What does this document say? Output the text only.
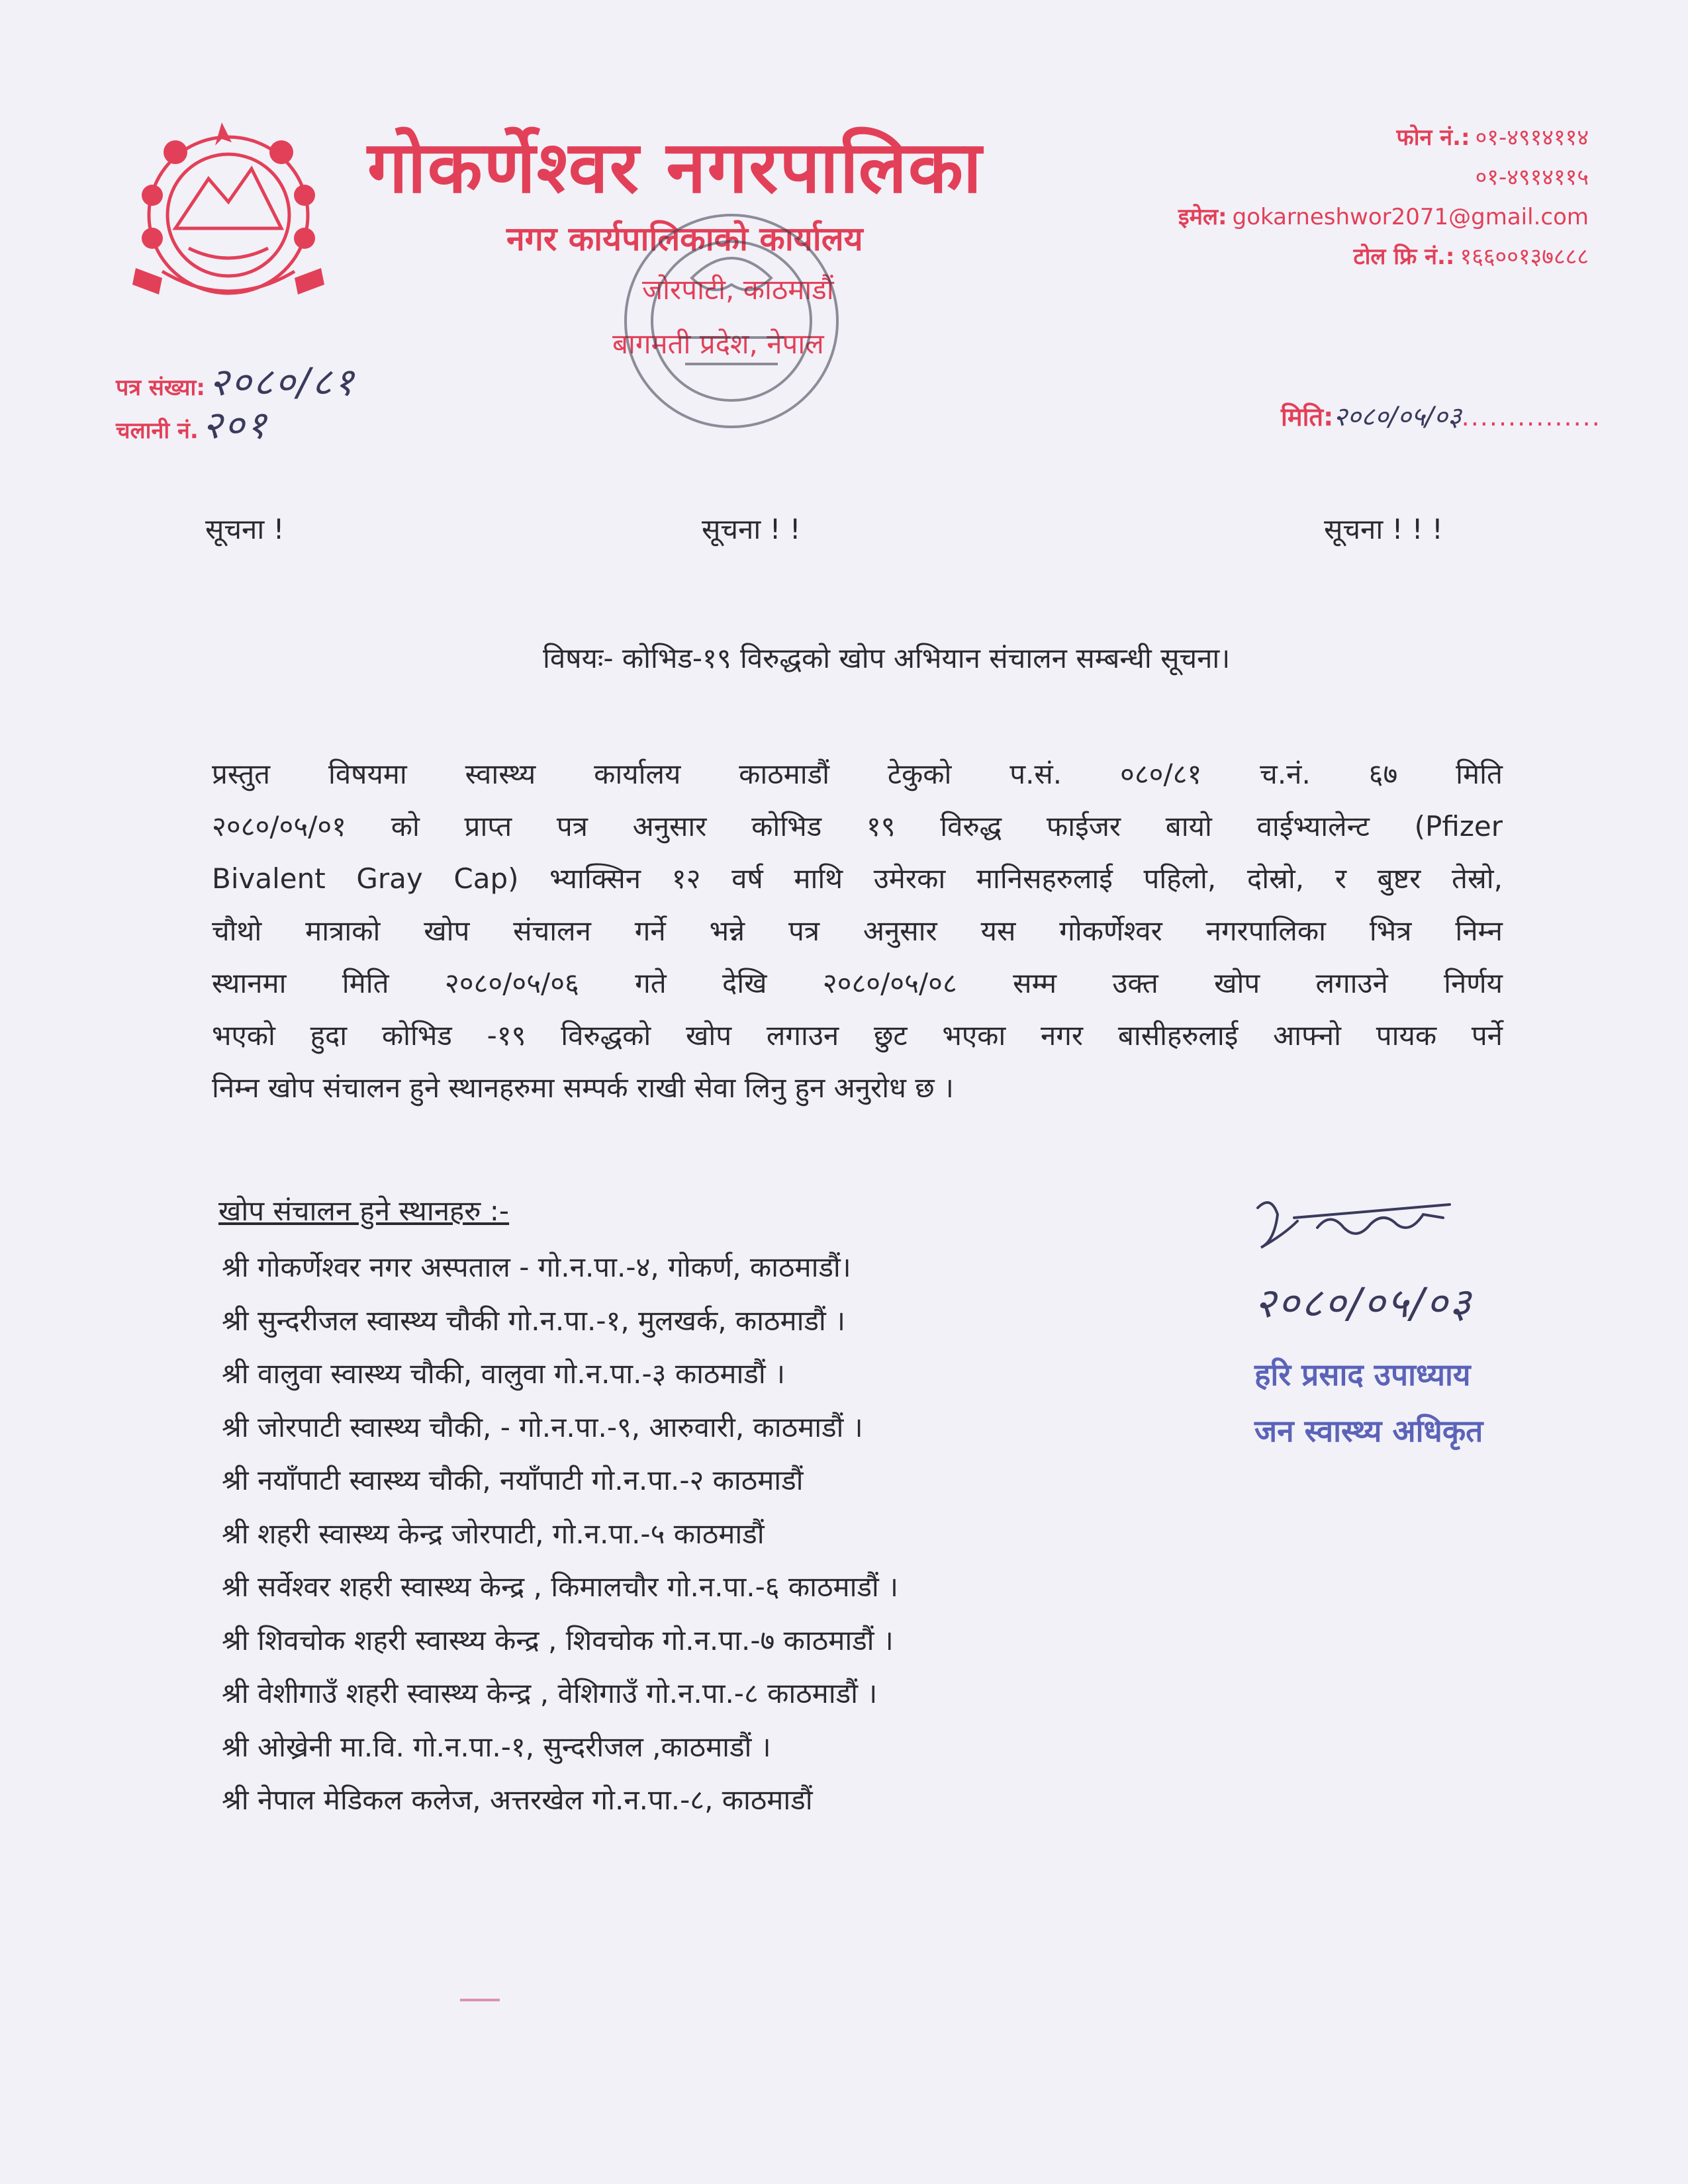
गोकर्णेश्वर नगरपालिका
नगर कार्यपालिकाको कार्यालय
जोरपाटी, काठमाडौं
बागमती प्रदेश, नेपाल
फोन नं.: ०१-४९१४११४
०१-४९१४११५
इमेल: gokarneshwor2071@gmail.com
टोल फ्रि नं.: १६६००१३७८८८
पत्र संख्या: २०८०/८१
चलानी नं. २०१	मिति:२०८०/०५/०३...............
सूचना !	सूचना ! !	सूचना ! ! !
विषयः- कोभिड-१९ विरुद्धको खोप अभियान संचालन सम्बन्धी सूचना।
प्रस्तुत विषयमा स्वास्थ्य कार्यालय काठमाडौं टेकुको प.सं. ०८०/८१ च.नं. ६७ मिति
२०८०/०५/०१ को प्राप्त पत्र अनुसार कोभिड १९ विरुद्ध फाईजर बायो वाईभ्यालेन्ट (Pfizer
Bivalent Gray Cap) भ्याक्सिन १२ वर्ष माथि उमेरका मानिसहरुलाई पहिलो, दोस्रो, र बुष्टर तेस्रो,
चौथो मात्राको खोप संचालन गर्ने भन्ने पत्र अनुसार यस गोकर्णेश्वर नगरपालिका भित्र निम्न
स्थानमा मिति २०८०/०५/०६ गते देखि २०८०/०५/०८ सम्म उक्त खोप लगाउने निर्णय
भएको हुदा कोभिड -१९ विरुद्धको खोप लगाउन छुट भएका नगर बासीहरुलाई आफ्नो पायक पर्ने
निम्न खोप संचालन हुने स्थानहरुमा सम्पर्क राखी सेवा लिनु हुन अनुरोध छ ।
खोप संचालन हुने स्थानहरु :-
श्री गोकर्णेश्वर नगर अस्पताल - गो.न.पा.-४, गोकर्ण, काठमाडौं।
श्री सुन्दरीजल स्वास्थ्य चौकी गो.न.पा.-१, मुलखर्क, काठमाडौं ।
श्री वालुवा स्वास्थ्य चौकी, वालुवा गो.न.पा.-३ काठमाडौं ।
श्री जोरपाटी स्वास्थ्य चौकी, - गो.न.पा.-९, आरुवारी, काठमाडौं ।
श्री नयाँपाटी स्वास्थ्य चौकी, नयाँपाटी गो.न.पा.-२ काठमाडौं
श्री शहरी स्वास्थ्य केन्द्र जोरपाटी, गो.न.पा.-५ काठमाडौं
श्री सर्वेश्वर शहरी स्वास्थ्य केन्द्र , किमालचौर गो.न.पा.-६ काठमाडौं ।
श्री शिवचोक शहरी स्वास्थ्य केन्द्र , शिवचोक गो.न.पा.-७ काठमाडौं ।
श्री वेशीगाउँ शहरी स्वास्थ्य केन्द्र , वेशिगाउँ गो.न.पा.-८ काठमाडौं ।
श्री ओख्रेनी मा.वि. गो.न.पा.-१, सुन्दरीजल ,काठमाडौं ।
श्री नेपाल मेडिकल कलेज, अत्तरखेल गो.न.पा.-८, काठमाडौं
२०८०/०५/०३
हरि प्रसाद उपाध्याय
जन स्वास्थ्य अधिकृत
